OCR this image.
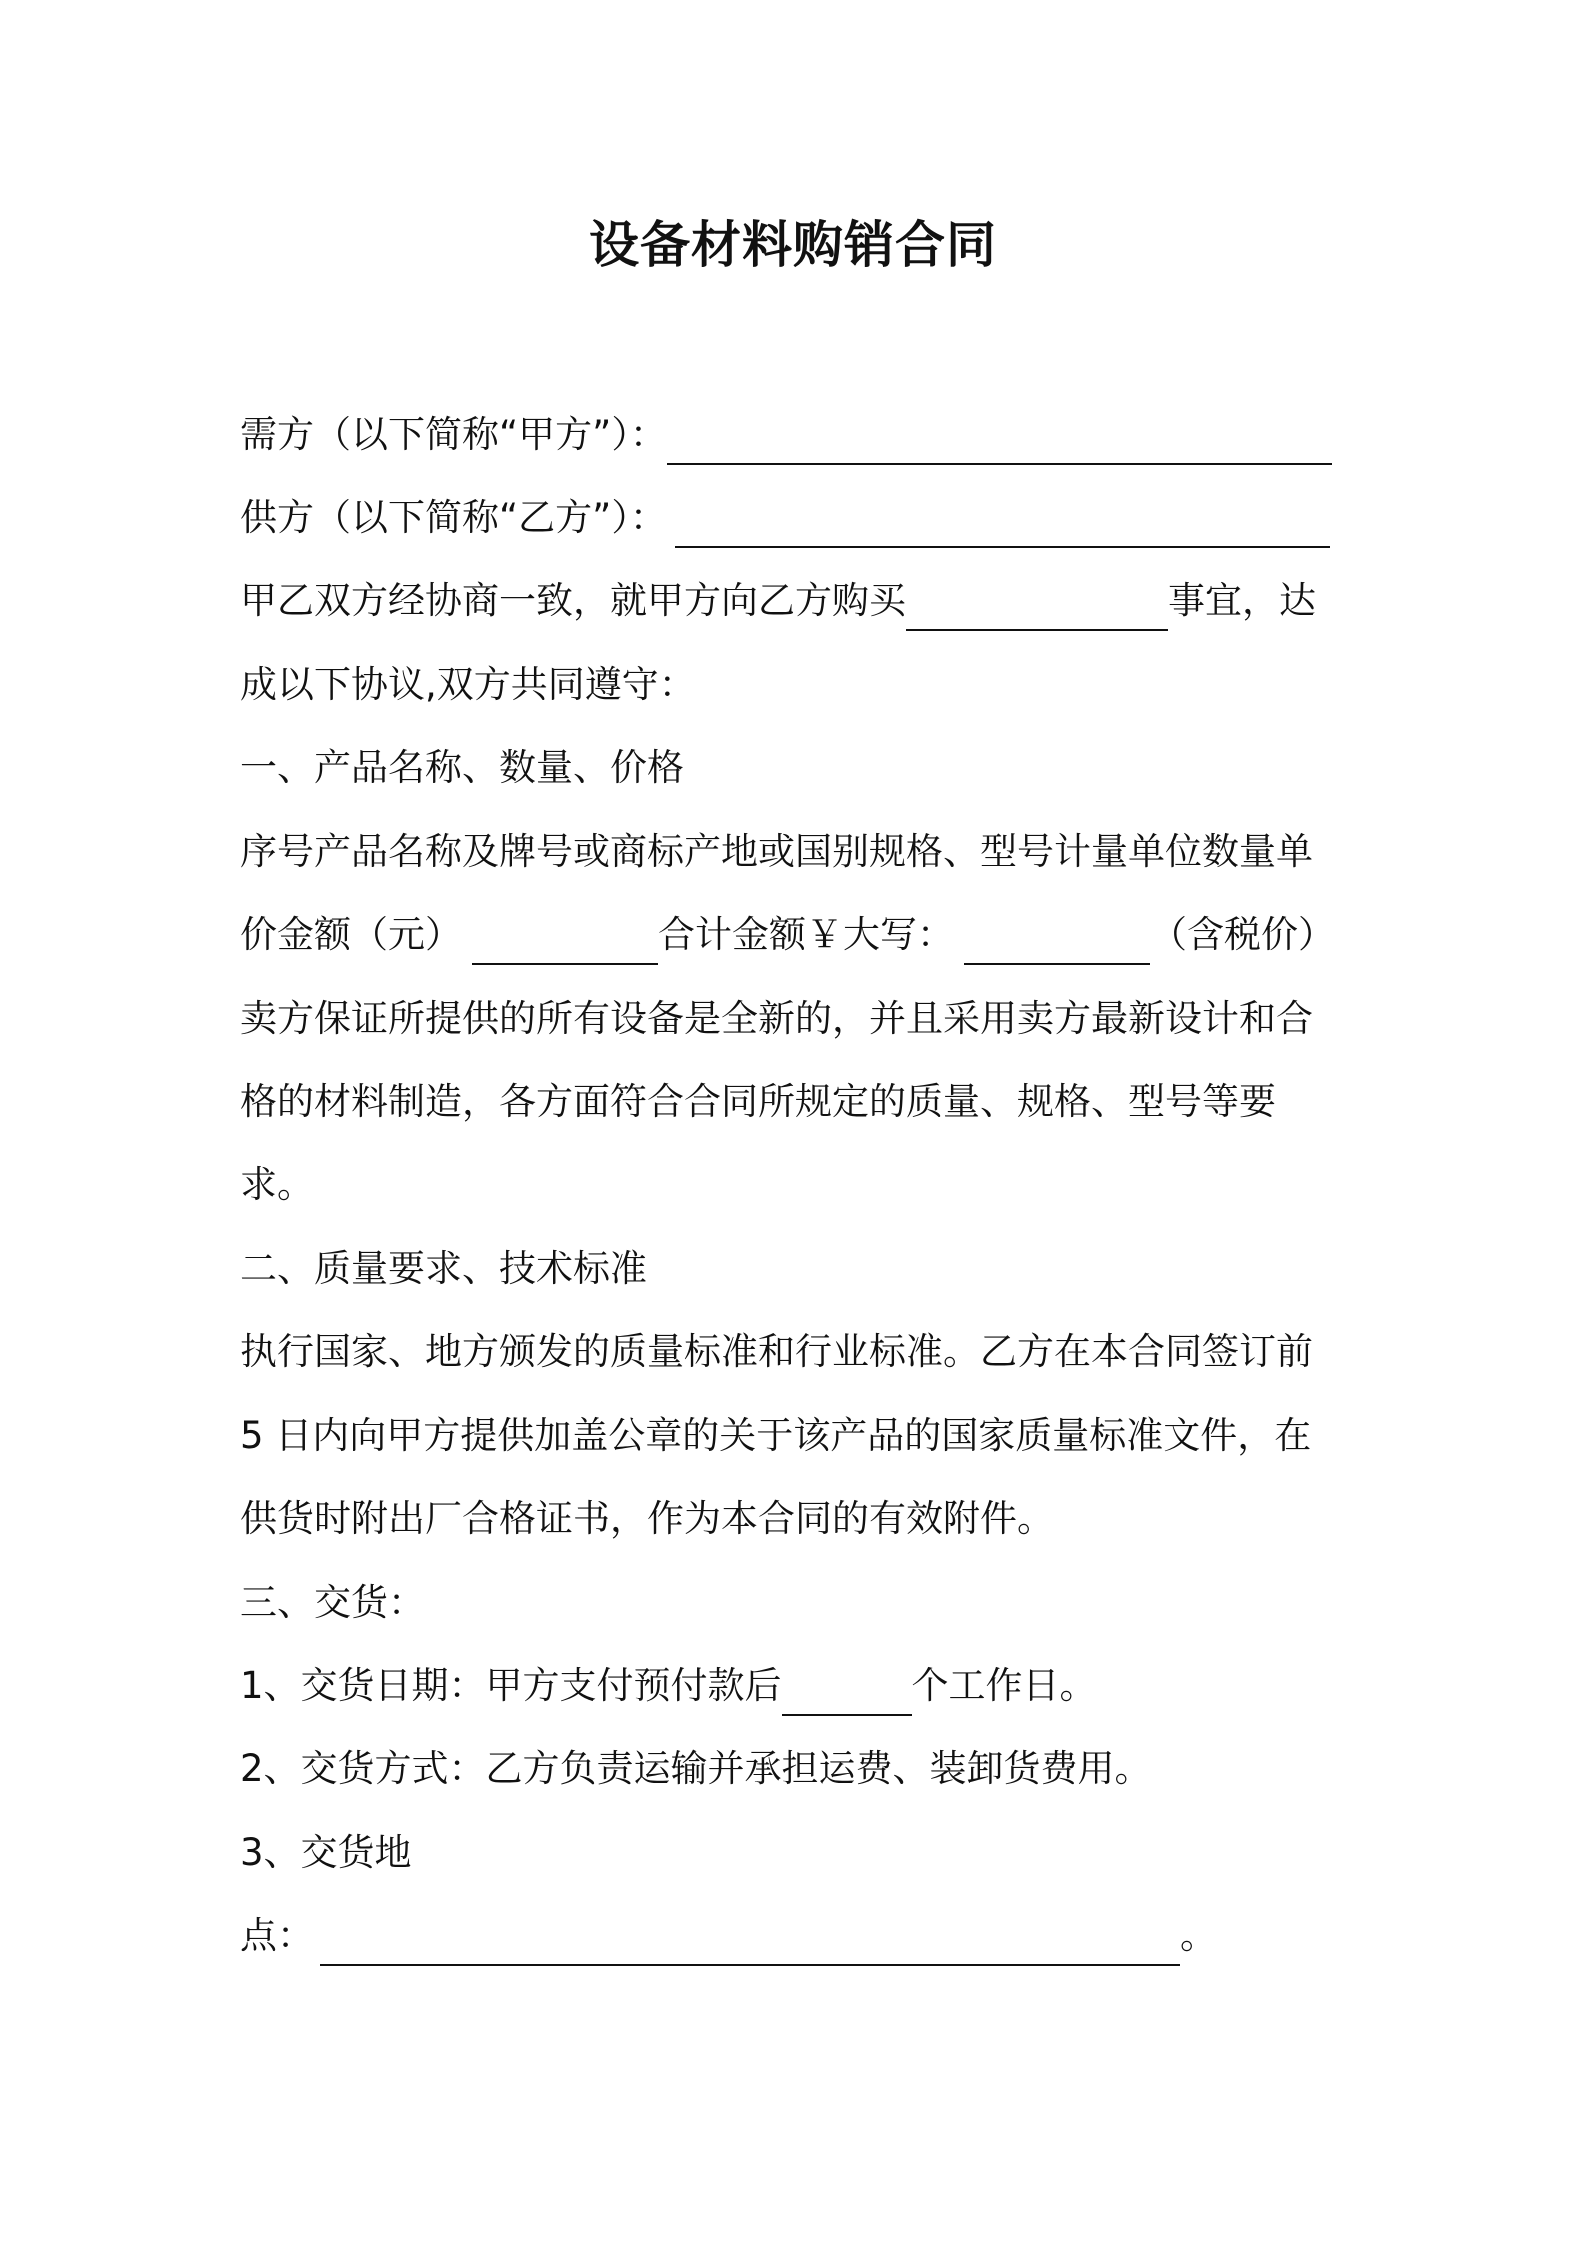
设备材料购销合同
需方（以下简称“甲方”）：
供方（以下简称“乙方”）：
甲乙双方经协商一致，就甲方向乙方购买	事宜，达
成以下协议,双方共同遵守：
一、产品名称、数量、价格
序号产品名称及牌号或商标产地或国别规格、型号计量单位数量单
价金额（元）	合计金额￥大写：	（含税价）
卖方保证所提供的所有设备是全新的，并且采用卖方最新设计和合
格的材料制造，各方面符合合同所规定的质量、规格、型号等要
求。
二、质量要求、技术标准
执行国家、地方颁发的质量标准和行业标准。乙方在本合同签订前
5 日内向甲方提供加盖公章的关于该产品的国家质量标准文件，在
供货时附出厂合格证书，作为本合同的有效附件。
三、交货：
1、交货日期：甲方支付预付款后	个工作日。
2、交货方式：乙方负责运输并承担运费、装卸货费用。
3、交货地
点：	。
